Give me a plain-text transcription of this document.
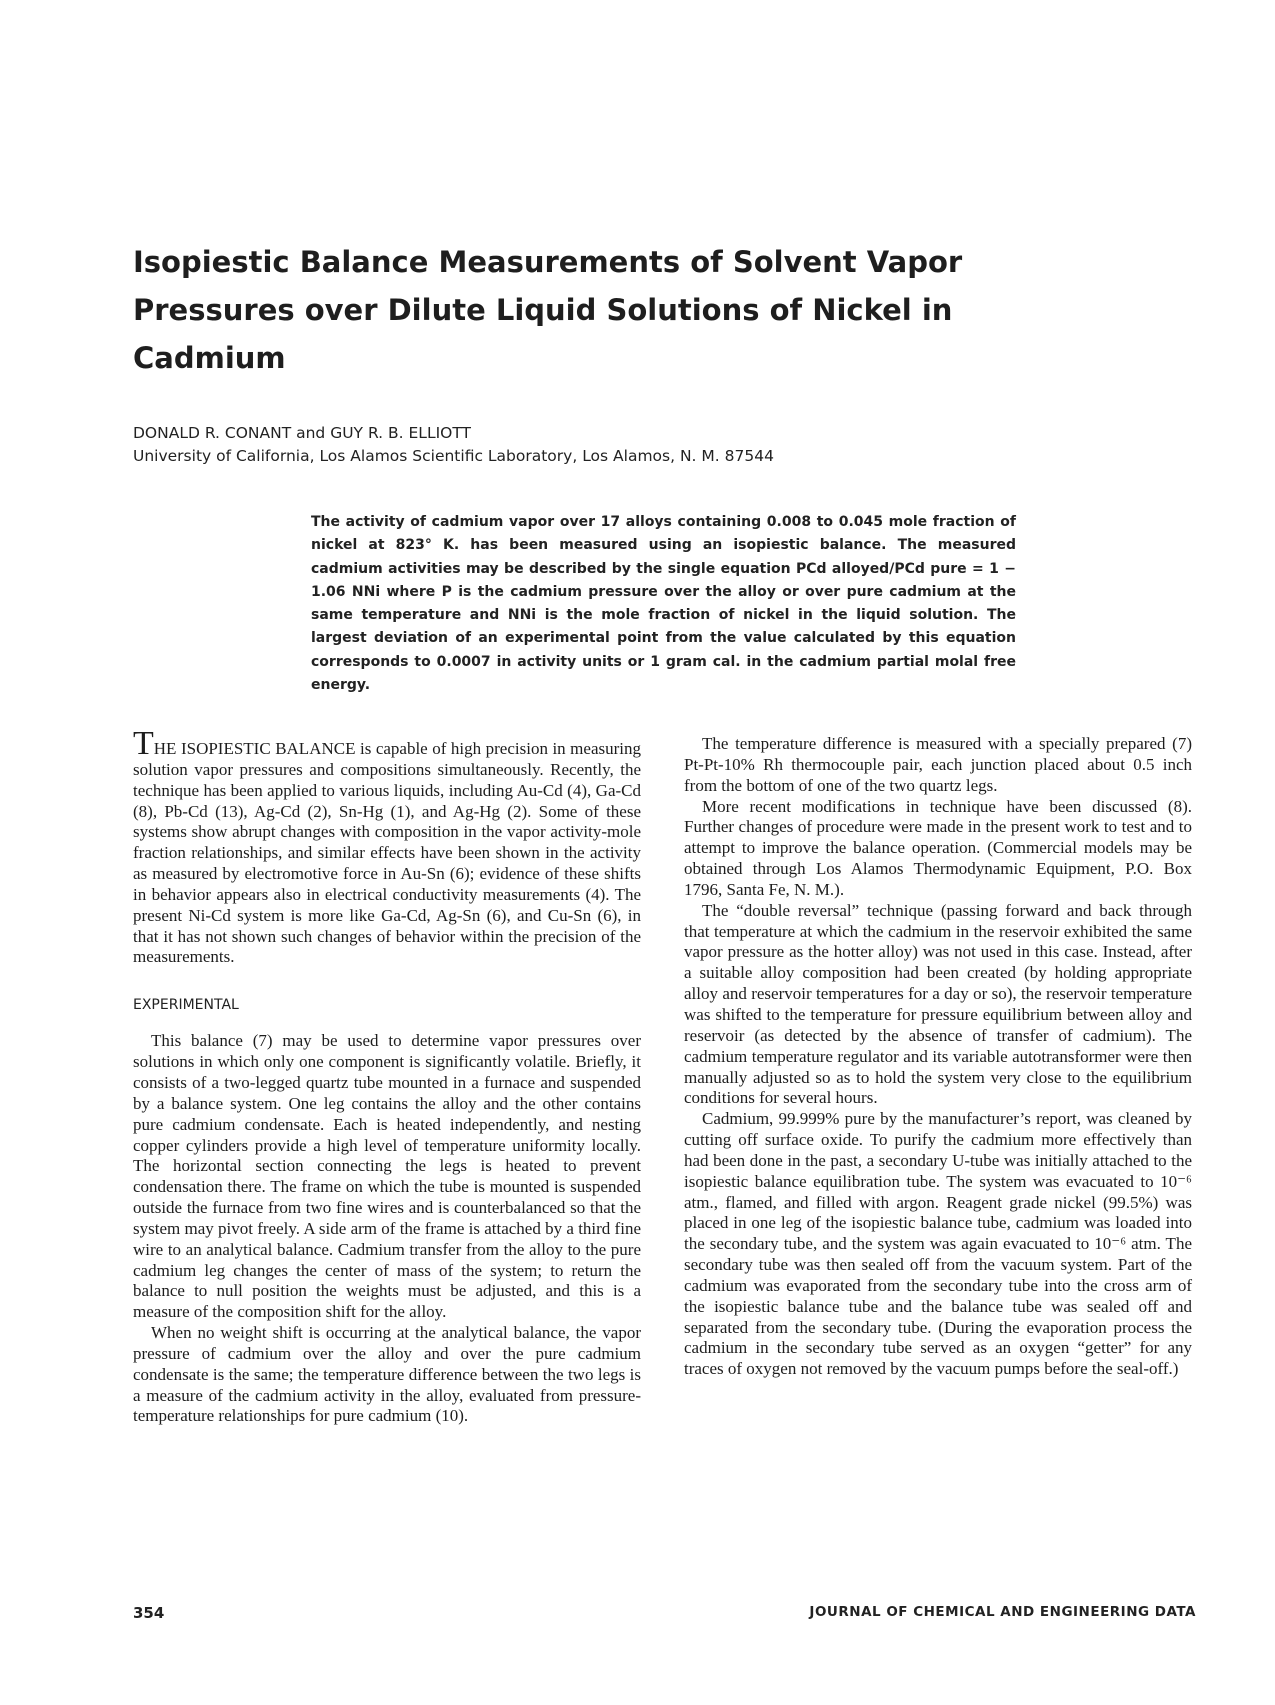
Isopiestic Balance Measurements of Solvent Vapor Pressures over Dilute Liquid Solutions of Nickel in Cadmium
DONALD R. CONANT and GUY R. B. ELLIOTT
University of California, Los Alamos Scientific Laboratory, Los Alamos, N. M. 87544

The activity of cadmium vapor over 17 alloys containing 0.008 to 0.045 mole fraction of nickel at 823° K. has been measured using an isopiestic balance. The measured cadmium activities may be described by the single equation PCd alloyed/PCd pure = 1 − 1.06 NNi where P is the cadmium pressure over the alloy or over pure cadmium at the same temperature and NNi is the mole fraction of nickel in the liquid solution. The largest deviation of an experimental point from the value calculated by this equation corresponds to 0.0007 in activity units or 1 gram cal. in the cadmium partial molal free energy.

THE ISOPIESTIC BALANCE is capable of high precision in measuring solution vapor pressures and compositions simultaneously. Recently, the technique has been applied to various liquids, including Au-Cd (4), Ga-Cd (8), Pb-Cd (13), Ag-Cd (2), Sn-Hg (1), and Ag-Hg (2). Some of these systems show abrupt changes with composition in the vapor activity-mole fraction relationships, and similar effects have been shown in the activity as measured by electromotive force in Au-Sn (6); evidence of these shifts in behavior appears also in electrical conductivity measurements (4). The present Ni-Cd system is more like Ga-Cd, Ag-Sn (6), and Cu-Sn (6), in that it has not shown such changes of behavior within the precision of the measurements.

EXPERIMENTAL

This balance (7) may be used to determine vapor pressures over solutions in which only one component is significantly volatile. Briefly, it consists of a two-legged quartz tube mounted in a furnace and suspended by a balance system. One leg contains the alloy and the other contains pure cadmium condensate. Each is heated independently, and nesting copper cylinders provide a high level of temperature uniformity locally. The horizontal section connecting the legs is heated to prevent condensation there. The frame on which the tube is mounted is suspended outside the furnace from two fine wires and is counterbalanced so that the system may pivot freely. A side arm of the frame is attached by a third fine wire to an analytical balance. Cadmium transfer from the alloy to the pure cadmium leg changes the center of mass of the system; to return the balance to null position the weights must be adjusted, and this is a measure of the composition shift for the alloy.

When no weight shift is occurring at the analytical balance, the vapor pressure of cadmium over the alloy and over the pure cadmium condensate is the same; the temperature difference between the two legs is a measure of the cadmium activity in the alloy, evaluated from pressure-temperature relationships for pure cadmium (10).

The temperature difference is measured with a specially prepared (7) Pt-Pt-10% Rh thermocouple pair, each junction placed about 0.5 inch from the bottom of one of the two quartz legs.

More recent modifications in technique have been discussed (8). Further changes of procedure were made in the present work to test and to attempt to improve the balance operation. (Commercial models may be obtained through Los Alamos Thermodynamic Equipment, P.O. Box 1796, Santa Fe, N. M.).

The “double reversal” technique (passing forward and back through that temperature at which the cadmium in the reservoir exhibited the same vapor pressure as the hotter alloy) was not used in this case. Instead, after a suitable alloy composition had been created (by holding appropriate alloy and reservoir temperatures for a day or so), the reservoir temperature was shifted to the temperature for pressure equilibrium between alloy and reservoir (as detected by the absence of transfer of cadmium). The cadmium temperature regulator and its variable autotransformer were then manually adjusted so as to hold the system very close to the equilibrium conditions for several hours.

Cadmium, 99.999% pure by the manufacturer’s report, was cleaned by cutting off surface oxide. To purify the cadmium more effectively than had been done in the past, a secondary U-tube was initially attached to the isopiestic balance equilibration tube. The system was evacuated to 10⁻⁶ atm., flamed, and filled with argon. Reagent grade nickel (99.5%) was placed in one leg of the isopiestic balance tube, cadmium was loaded into the secondary tube, and the system was again evacuated to 10⁻⁶ atm. The secondary tube was then sealed off from the vacuum system. Part of the cadmium was evaporated from the secondary tube into the cross arm of the isopiestic balance tube and the balance tube was sealed off and separated from the secondary tube. (During the evaporation process the cadmium in the secondary tube served as an oxygen “getter” for any traces of oxygen not removed by the vacuum pumps before the seal-off.)

354	JOURNAL OF CHEMICAL AND ENGINEERING DATA
